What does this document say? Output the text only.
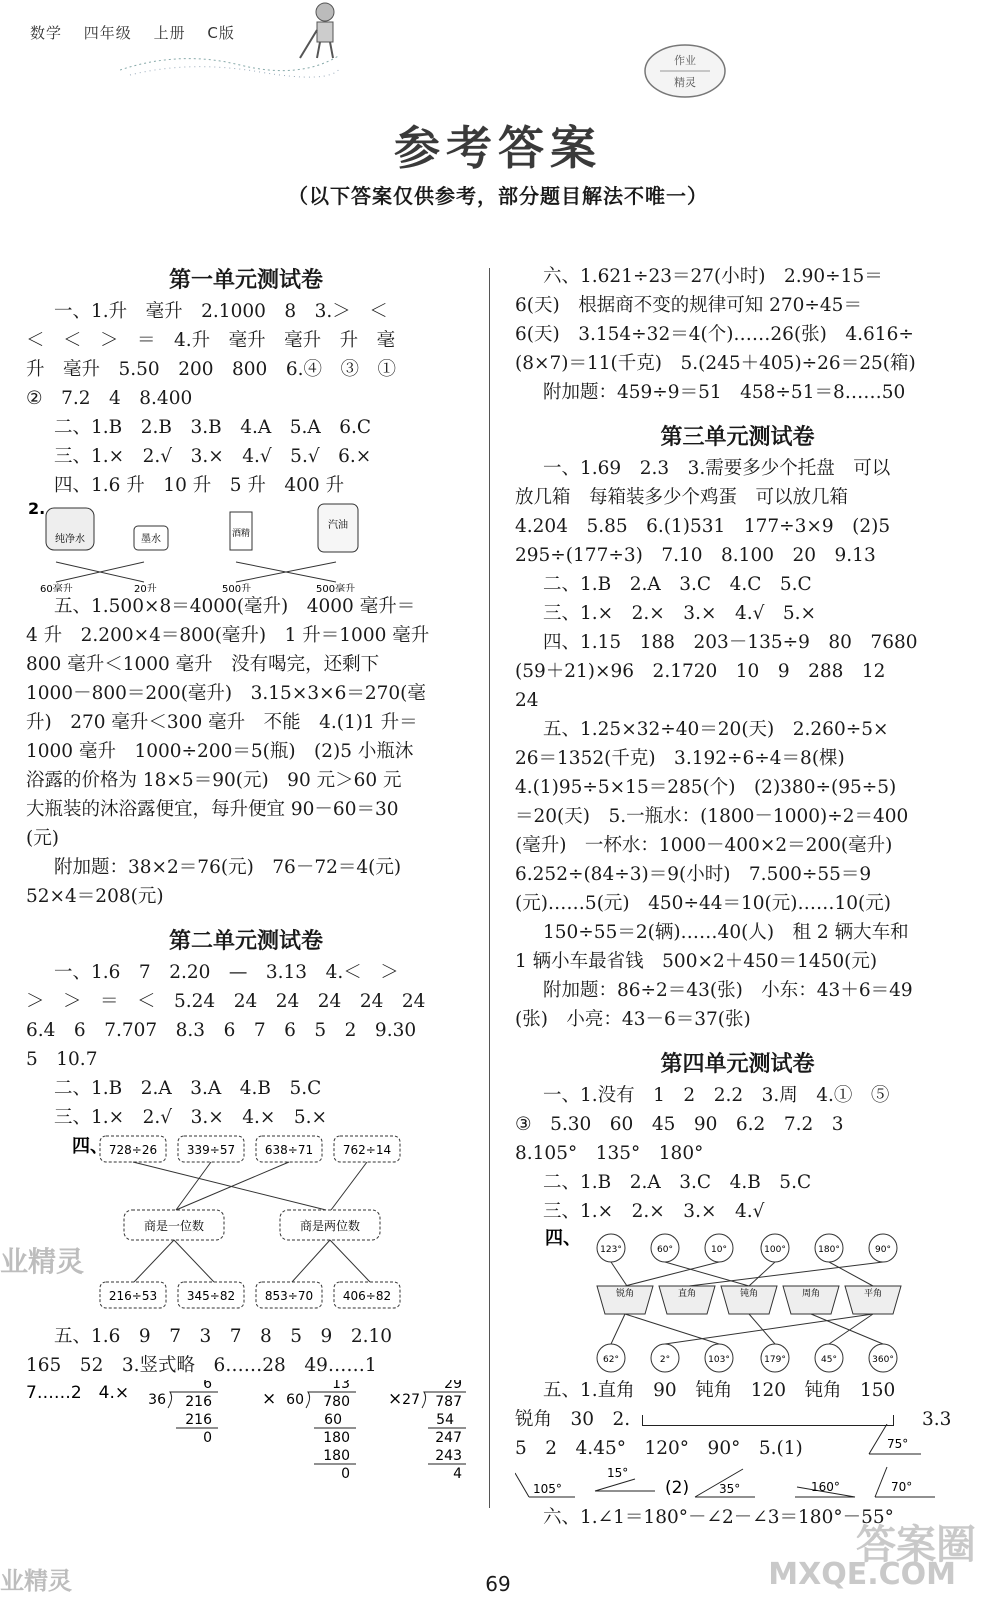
数学 四年级 上册 C版
作业
精灵
参考答案
（以下答案仅供参考，部分题目解法不唯一）
第一单元测试卷
一、1.升　毫升　2.1000　8　3.＞　＜
＜　＜　＞　＝　4.升　毫升　毫升　升　毫
升　毫升　5.50　200　800　6.④　③　①
②　7.2　4　8.400
二、1.B　2.B　3.B　4.A　5.A　6.C
三、1.×　2.√　3.×　4.√　5.√　6.×
四、1.6 升　10 升　5 升　400 升
2.
纯净水	墨水	酒精
汽油
60毫升	20升	500升	500毫升
五、1.500×8＝4000(毫升)　4000 毫升＝
4 升　2.200×4＝800(毫升)　1 升＝1000 毫升
800 毫升＜1000 毫升　没有喝完，还剩下
1000－800＝200(毫升)　3.15×3×6＝270(毫
升)　270 毫升＜300 毫升　不能　4.(1)1 升＝
1000 毫升　1000÷200＝5(瓶)　(2)5 小瓶沐
浴露的价格为 18×5＝90(元)　90 元＞60 元
大瓶装的沐浴露便宜，每升便宜 90－60＝30
(元)
附加题：38×2＝76(元)　76－72＝4(元)
52×4＝208(元)
第二单元测试卷
一、1.6　7　2.20　—　3.13　4.＜　＞
＞　＞　＝　＜　5.24　24　24　24　24　24
6.4　6　7.707　8.3　6　7　6　5　2　9.30
5　10.7
二、1.B　2.A　3.A　4.B　5.C
三、1.×　2.√　3.×　4.×　5.×
四、 728÷26 339÷57 638÷71 762÷14
商是一位数	商是两位数
216÷53 345÷82 853÷70 406÷82
五、1.6　9　7　3　7　8　5　9　2.10
165　52　3.竖式略　6……28　49……1
7……2　4.×	6
36 216
216
0
×
13
60 780
60
180
180
0
×
29
27 787
54
247
243
4
六、1.621÷23＝27(小时)　2.90÷15＝
6(天)　根据商不变的规律可知 270÷45＝
6(天)　3.154÷32＝4(个)……26(张)　4.616÷
(8×7)＝11(千克)　5.(245＋405)÷26＝25(箱)
附加题：459÷9＝51　458÷51＝8……50
第三单元测试卷
一、1.69　2.3　3.需要多少个托盘　可以
放几箱　每箱装多少个鸡蛋　可以放几箱
4.204　5.85　6.(1)531　177÷3×9　(2)5
295÷(177÷3)　7.10　8.100　20　9.13
二、1.B　2.A　3.C　4.C　5.C
三、1.×　2.×　3.×　4.√　5.×
四、1.15　188　203－135÷9　80　7680
(59＋21)×96　2.1720　10　9　288　12
24
五、1.25×32÷40＝20(天)　2.260÷5×
26＝1352(千克)　3.192÷6÷4＝8(棵)
4.(1)95÷5×15＝285(个)　(2)380÷(95÷5)
＝20(天)　5.一瓶水：(1800－1000)÷2＝400
(毫升)　一杯水：1000－400×2＝200(毫升)
6.252÷(84÷3)＝9(小时)　7.500÷55＝9
(元)……5(元)　450÷44＝10(元)……10(元)
150÷55＝2(辆)……40(人)　租 2 辆大车和
1 辆小车最省钱　500×2＋450＝1450(元)
附加题：86÷2＝43(张)　小东：43＋6＝49
(张)　小亮：43－6＝37(张)
第四单元测试卷
一、1.没有　1　2　2.2　3.周　4.①　⑤
③　5.30　60　45　90　6.2　7.2　3
8.105°　135°　180°
二、1.B　2.A　3.C　4.B　5.C
三、1.×　2.×　3.×　4.√
四、
123°	60°	10°	100°	180°	90°
锐角	直角	钝角	周角	平角
62°	2°	103°	179°	45°	360°
五、1.直角　90　钝角　120　钝角　150
锐角　30　2.	3.3
5　2　4.45°　120°　90°　5.(1)	75°
105°
15°
(2) 35°	160°	70°
六、1.∠1＝180°－∠2－∠3＝180°－55°
业精灵
业精灵
答案圈
MXQE.COM
69
